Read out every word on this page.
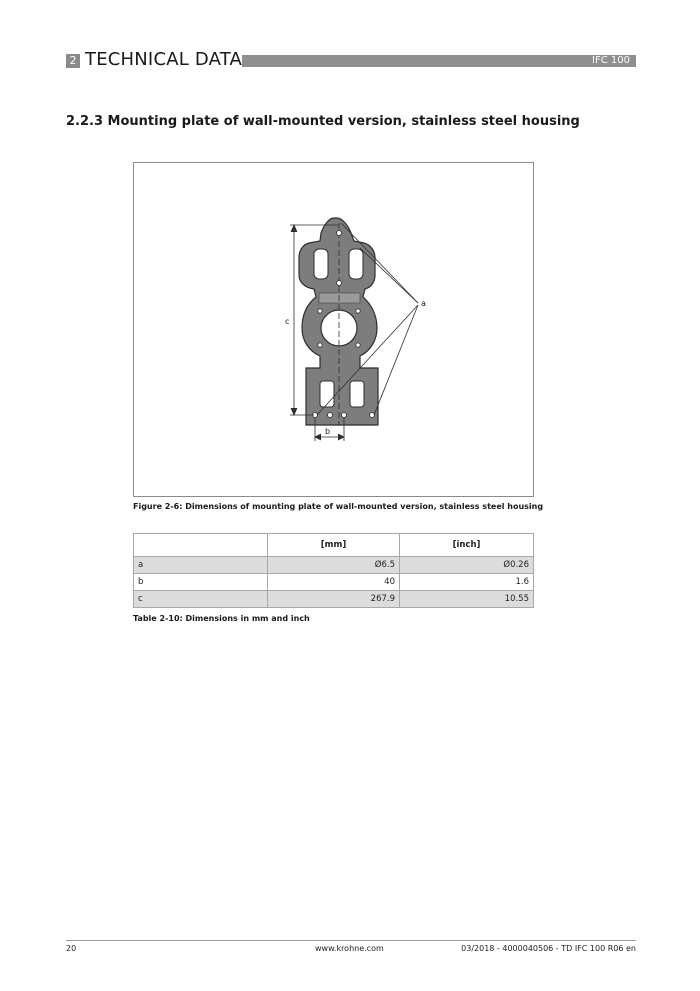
2 TECHNICAL DATA	IFC 100
2.2.3 Mounting plate of wall-mounted version, stainless steel housing
a
b
c
Figure 2-6: Dimensions of mounting plate of wall-mounted version, stainless steel housing
	[mm]	[inch]
a	Ø6.5	Ø0.26
b	40	1.6
c	267.9	10.55
Table 2-10: Dimensions in mm and inch
20	www.krohne.com	03/2018 - 4000040506 - TD IFC 100 R06 en
